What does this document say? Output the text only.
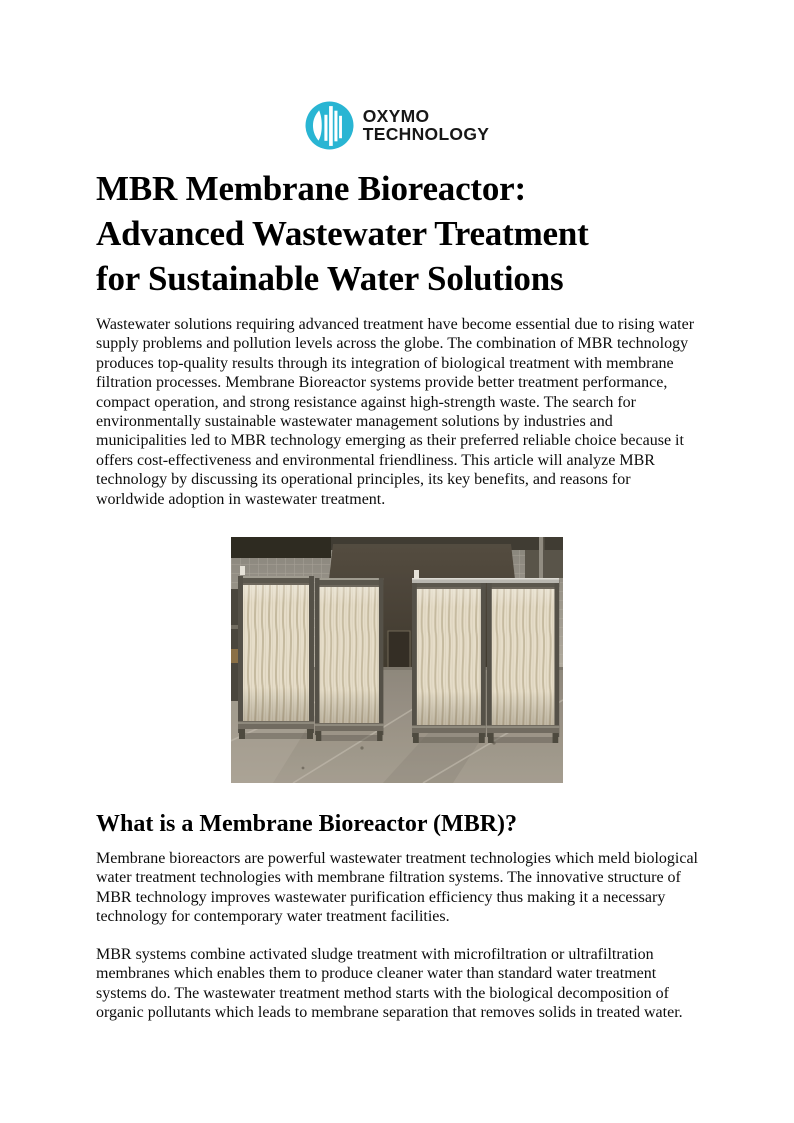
OXYMO
TECHNOLOGY
MBR Membrane Bioreactor:
Advanced Wastewater Treatment
for Sustainable Water Solutions

Wastewater solutions requiring advanced treatment have become essential due to rising water supply problems and pollution levels across the globe. The combination of MBR technology produces top-quality results through its integration of biological treatment with membrane filtration processes. Membrane Bioreactor systems provide better treatment performance, compact operation, and strong resistance against high-strength waste. The search for environmentally sustainable wastewater management solutions by industries and municipalities led to MBR technology emerging as their preferred reliable choice because it offers cost-effectiveness and environmental friendliness. This article will analyze MBR technology by discussing its operational principles, its key benefits, and reasons for worldwide adoption in wastewater treatment.

What is a Membrane Bioreactor (MBR)?

Membrane bioreactors are powerful wastewater treatment technologies which meld biological water treatment technologies with membrane filtration systems. The innovative structure of MBR technology improves wastewater purification efficiency thus making it a necessary technology for contemporary water treatment facilities.

MBR systems combine activated sludge treatment with microfiltration or ultrafiltration membranes which enables them to produce cleaner water than standard water treatment systems do. The wastewater treatment method starts with the biological decomposition of organic pollutants which leads to membrane separation that removes solids in treated water.
